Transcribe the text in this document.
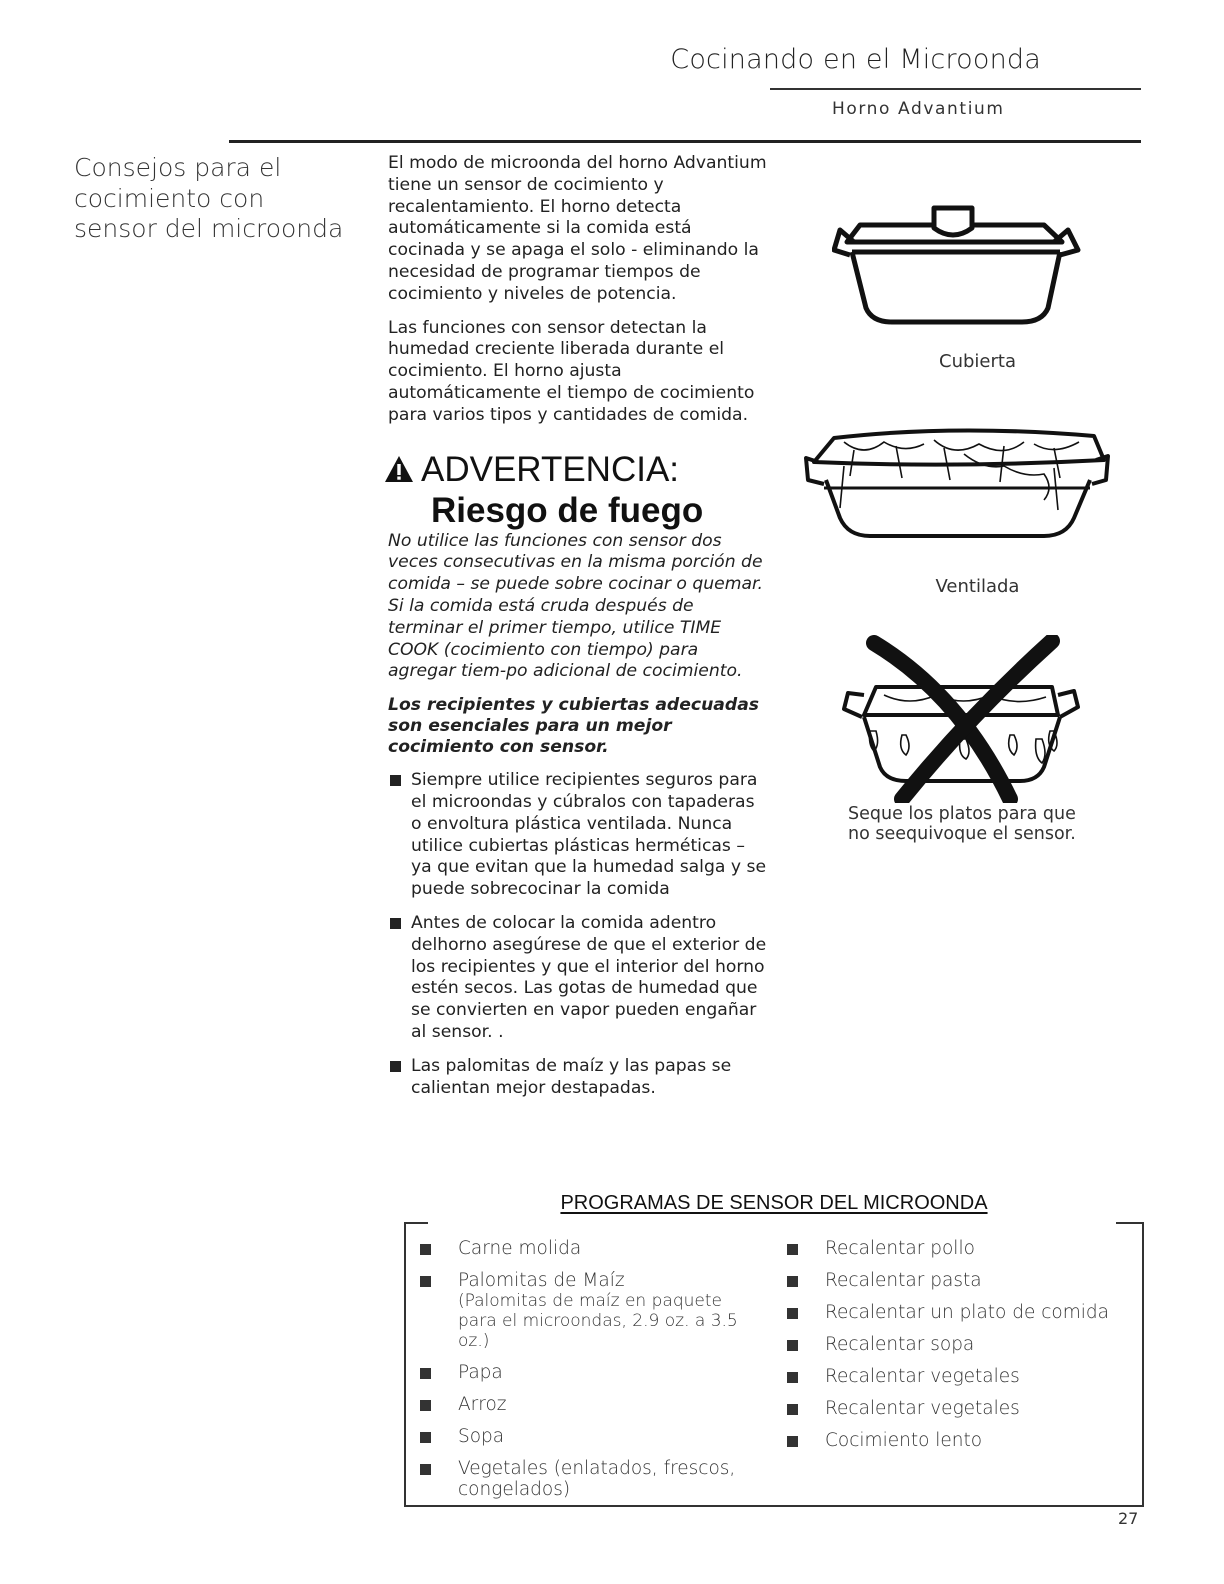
Cocinando en el Microonda
Horno Advantium
Consejos para el cocimiento con sensor del microonda

El modo de microonda del horno Advantium tiene un sensor de cocimiento y recalentamiento. El horno detecta automáticamente si la comida está cocinada y se apaga el solo - eliminando la necesidad de programar tiempos de cocimiento y niveles de potencia.

Las funciones con sensor detectan la humedad creciente liberada durante el cocimiento. El horno ajusta automáticamente el tiempo de cocimiento para varios tipos y cantidades de comida.

ADVERTENCIA:
Riesgo de fuego

No utilice las funciones con sensor dos veces consecutivas en la misma porción de comida – se puede sobre cocinar o quemar. Si la comida está cruda después de terminar el primer tiempo, utilice TIME COOK (cocimiento con tiempo) para agregar tiem-po adicional de cocimiento.

Los recipientes y cubiertas adecuadas son esenciales para un mejor cocimiento con sensor.

Siempre utilice recipientes seguros para el microondas y cúbralos con tapaderas o envoltura plástica ventilada. Nunca utilice cubiertas plásticas herméticas – ya que evitan que la humedad salga y se puede sobrecocinar la comida
Antes de colocar la comida adentro delhorno asegúrese de que el exterior de los recipientes y que el interior del horno estén secos. Las gotas de humedad que se convierten en vapor pueden engañar al sensor. .
Las palomitas de maíz y las papas se calientan mejor destapadas.
Cubierta
Ventilada
Seque los platos para que no seequivoque el sensor.
PROGRAMAS DE SENSOR DEL MICROONDA
Carne molida
Palomitas de Maíz
(Palomitas de maíz en paquete para el microondas, 2.9 oz. a 3.5 oz.)
Papa
Arroz
Sopa
Vegetales (enlatados, frescos, congelados)
Recalentar pollo
Recalentar pasta
Recalentar un plato de comida
Recalentar sopa
Recalentar vegetales
Recalentar vegetales
Cocimiento lento
27
